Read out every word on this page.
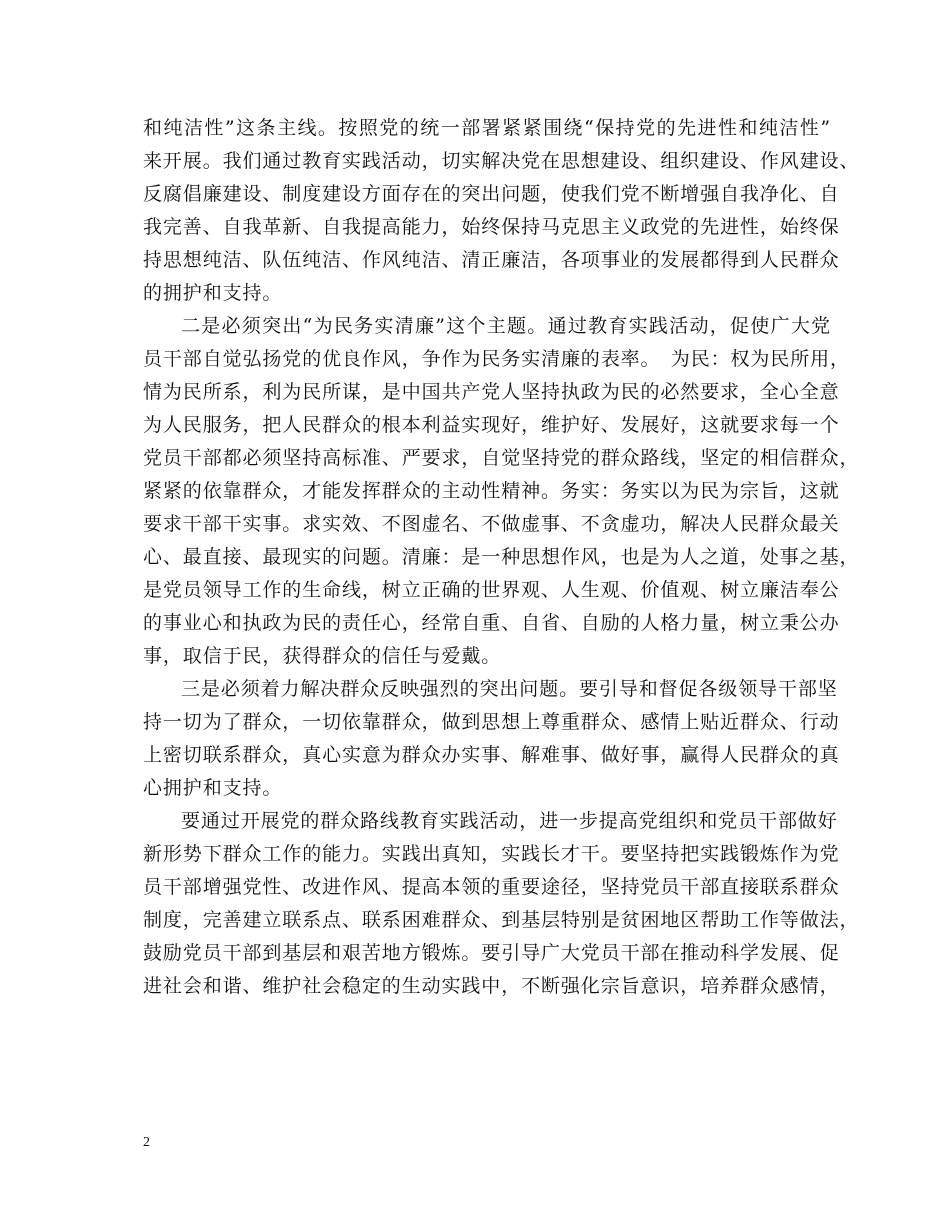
和纯洁性”这条主线。按照党的统一部署紧紧围绕“保持党的先进性和纯洁性”
来开展。我们通过教育实践活动，切实解决党在思想建设、组织建设、作风建设、
反腐倡廉建设、制度建设方面存在的突出问题，使我们党不断增强自我净化、自
我完善、自我革新、自我提高能力，始终保持马克思主义政党的先进性，始终保
持思想纯洁、队伍纯洁、作风纯洁、清正廉洁，各项事业的发展都得到人民群众
的拥护和支持。
二是必须突出“为民务实清廉”这个主题。通过教育实践活动，促使广大党
员干部自觉弘扬党的优良作风，争作为民务实清廉的表率。　为民：权为民所用，
情为民所系，利为民所谋，是中国共产党人坚持执政为民的必然要求，全心全意
为人民服务，把人民群众的根本利益实现好，维护好、发展好，这就要求每一个
党员干部都必须坚持高标准、严要求，自觉坚持党的群众路线，坚定的相信群众，
紧紧的依靠群众，才能发挥群众的主动性精神。务实：务实以为民为宗旨，这就
要求干部干实事。求实效、不图虚名、不做虚事、不贪虚功，解决人民群众最关
心、最直接、最现实的问题。清廉：是一种思想作风，也是为人之道，处事之基，
是党员领导工作的生命线，树立正确的世界观、人生观、价值观、树立廉洁奉公
的事业心和执政为民的责任心，经常自重、自省、自励的人格力量，树立秉公办
事，取信于民，获得群众的信任与爱戴。
三是必须着力解决群众反映强烈的突出问题。要引导和督促各级领导干部坚
持一切为了群众，一切依靠群众，做到思想上尊重群众、感情上贴近群众、行动
上密切联系群众，真心实意为群众办实事、解难事、做好事，赢得人民群众的真
心拥护和支持。
要通过开展党的群众路线教育实践活动，进一步提高党组织和党员干部做好
新形势下群众工作的能力。实践出真知，实践长才干。要坚持把实践锻炼作为党
员干部增强党性、改进作风、提高本领的重要途径，坚持党员干部直接联系群众
制度，完善建立联系点、联系困难群众、到基层特别是贫困地区帮助工作等做法，
鼓励党员干部到基层和艰苦地方锻炼。要引导广大党员干部在推动科学发展、促
进社会和谐、维护社会稳定的生动实践中，不断强化宗旨意识，培养群众感情，
2
